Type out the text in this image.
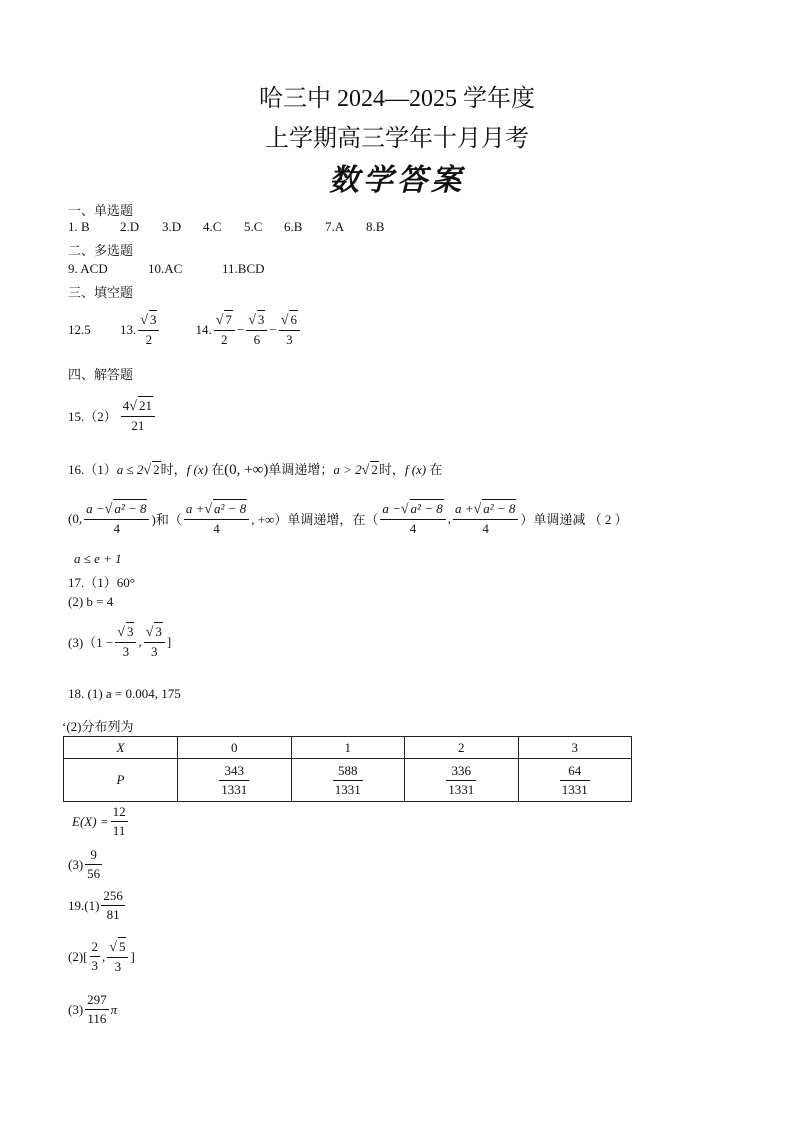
哈三中 2024—2025 学年度
上学期高三学年十月月考
数学答案
一、单选题
1. B 2.D 3.D 4.C 5.C 6.B 7.A 8.B
二、多选题
9. ACD	10.AC	11.BCD
三、填空题
12.5	13. $\frac{√ 3}{2}$	14. $\frac{√ 7}{2} - \frac{√ 3}{6} - \frac{√ 6}{3}$
四、解答题
$15.(2) \frac{4√ 21}{21}$
16.（1）a ≤ 2√ 2时，f (x) 在(0, +∞)单调递增；a > 2√ 2时，f (x) 在
(0, $\frac{\text{a −√ a² − 8}}{4}$ )和（ $\frac{\text{a +√ a² − 8}}{4}$ , +∞）单调递增，在（ $\frac{\text{a −√ a² − 8}}{4}$ , $\frac{\text{a +√ a² − 8}}{4}$ ）单调递减 （ 2 ）
a ≤ e + 1
17.（1）60°
(2) b = 4
$(3)(1 - \frac{√ 3}{3}$ , $\frac{√ 3}{3}$ ]
18. (1) a = 0.004, 175
‘(2)分布列为
X	0	1	2	3
P	$\frac{343}{1331}$	$\frac{588}{1331}$	$\frac{336}{1331}$	$\frac{64}{1331}$
$E(X) = \frac{12}{11}$
$(3) \frac{9}{56}$
$19.(1) \frac{256}{81}$
$(2)[ \frac{2}{3}$ , $\frac{√ 5}{3}$ ]
$(3) \frac{297}{116}$ π
